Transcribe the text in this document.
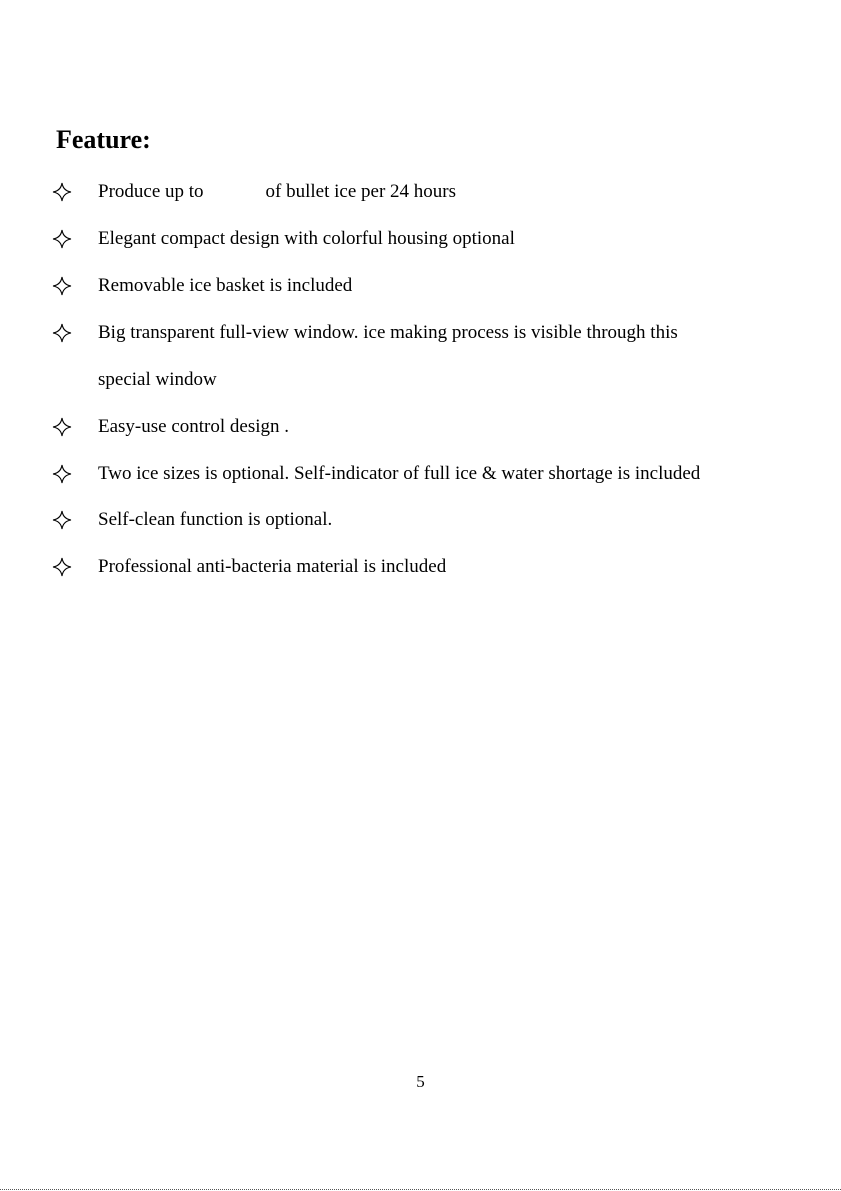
Feature:
Produce up to	of bullet ice per 24 hours
Elegant compact design with colorful housing optional
Removable ice basket is included
Big transparent full-view window. ice making process is visible through this
special window
Easy-use control design .
Two ice sizes is optional. Self-indicator of full ice & water shortage is included
Self-clean function is optional.
Professional anti-bacteria material is included
5
